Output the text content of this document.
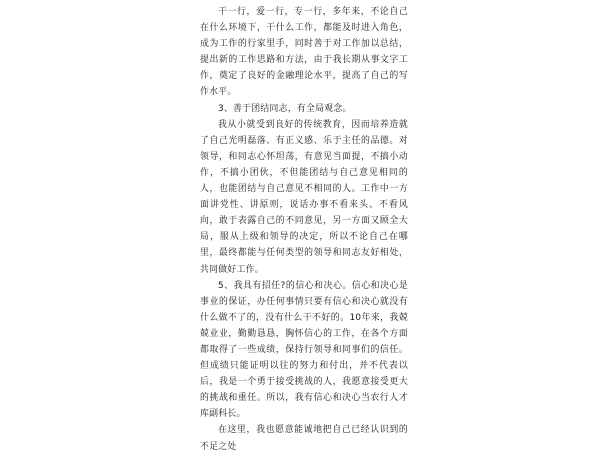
干一行，爱一行，专一行，多年来，不论自己在什么环境下，干什么工作，都能及时进入角色，成为工作的行家里手，同时善于对工作加以总结，提出新的工作思路和方法，由于我长期从事文字工作，奠定了良好的金融理论水平，提高了自己的写作水平。

3、善于团结同志，有全局观念。

我从小就受到良好的传统教育，因而培养造就了自己光明磊落、有正义感、乐于主任的品德。对领导，和同志心怀坦荡，有意见当面提，不搞小动作，不搞小团伙，不但能团结与自己意见相同的人，也能团结与自己意见不相同的人。工作中一方面讲党性、讲原则，说话办事不看来头、不看风向，敢于表露自己的不同意见，另一方面又顾全大局，服从上级和领导的决定，所以不论自己在哪里，最终都能与任何类型的领导和同志友好相处，共同做好工作。

5、我具有招任?的信心和决心。信心和决心是事业的保证，办任何事情只要有信心和决心就没有什么做不了的，没有什么干不好的。10年来，我兢兢业业，勤勤恳恳，胸怀信心的工作，在各个方面都取得了一些成绩，保持行领导和同事们的信任。但成绩只能证明以往的努力和付出，并不代表以后，我是一个勇于接受挑战的人，我愿意接受更大的挑战和重任。所以，我有信心和决心当农行人才库副科长。

在这里，我也愿意能诚地把自己已经认识到的不足之处
